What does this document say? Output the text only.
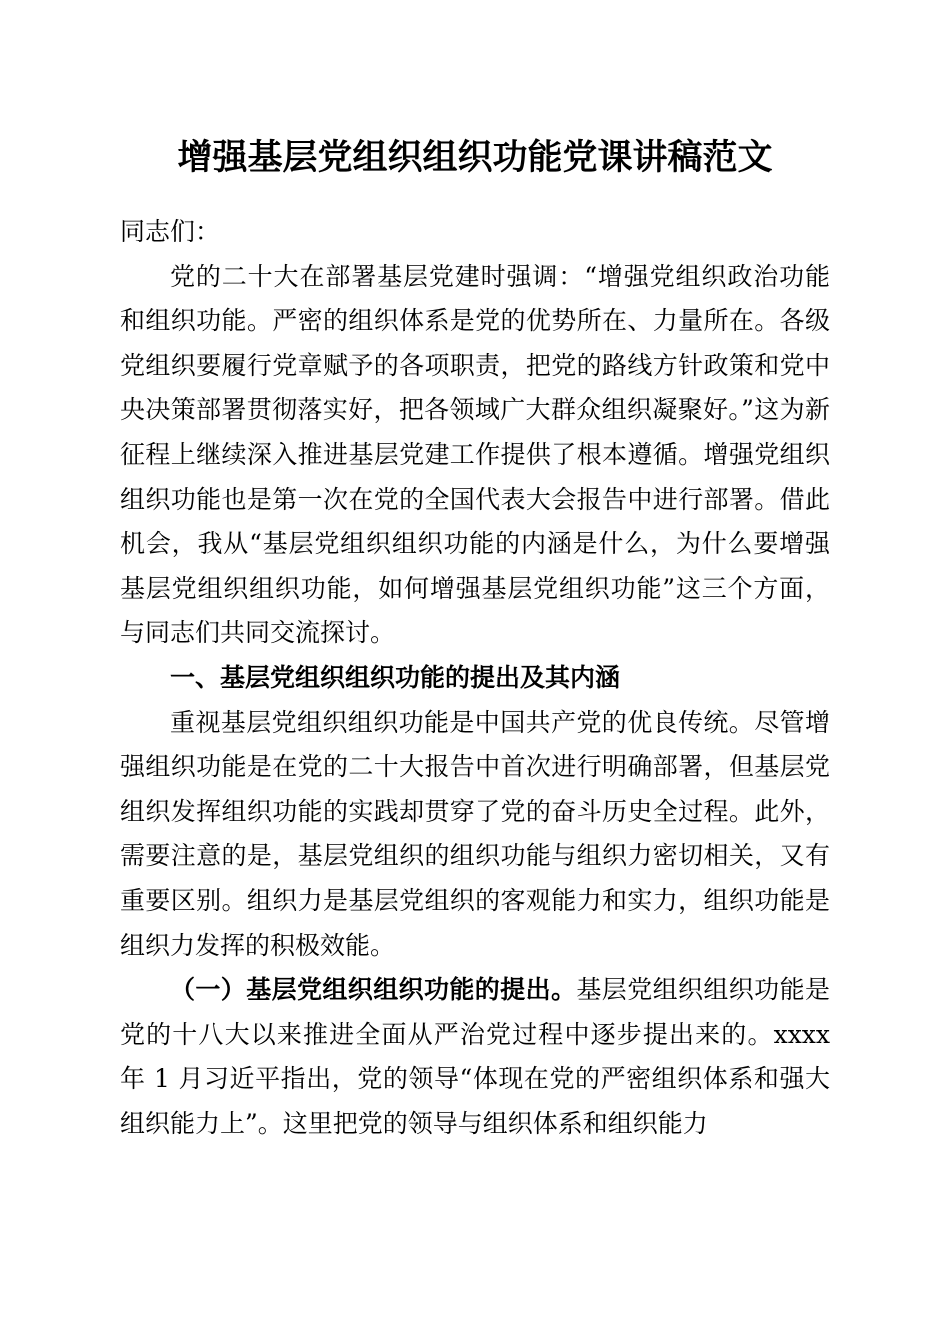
增强基层党组织组织功能党课讲稿范文

同志们：

党的二十大在部署基层党建时强调：“增强党组织政治功能和组织功能。严密的组织体系是党的优势所在、力量所在。各级党组织要履行党章赋予的各项职责，把党的路线方针政策和党中央决策部署贯彻落实好，把各领域广大群众组织凝聚好。”这为新征程上继续深入推进基层党建工作提供了根本遵循。增强党组织组织功能也是第一次在党的全国代表大会报告中进行部署。借此机会，我从“基层党组织组织功能的内涵是什么，为什么要增强基层党组织组织功能，如何增强基层党组织功能”这三个方面，与同志们共同交流探讨。

一、基层党组织组织功能的提出及其内涵

重视基层党组织组织功能是中国共产党的优良传统。尽管增强组织功能是在党的二十大报告中首次进行明确部署，但基层党组织发挥组织功能的实践却贯穿了党的奋斗历史全过程。此外，需要注意的是，基层党组织的组织功能与组织力密切相关，又有重要区别。组织力是基层党组织的客观能力和实力，组织功能是组织力发挥的积极效能。

（一）基层党组织组织功能的提出。基层党组织组织功能是党的十八大以来推进全面从严治党过程中逐步提出来的。xxxx 年 1 月习近平指出，党的领导“体现在党的严密组织体系和强大组织能力上”。这里把党的领导与组织体系和组织能力
